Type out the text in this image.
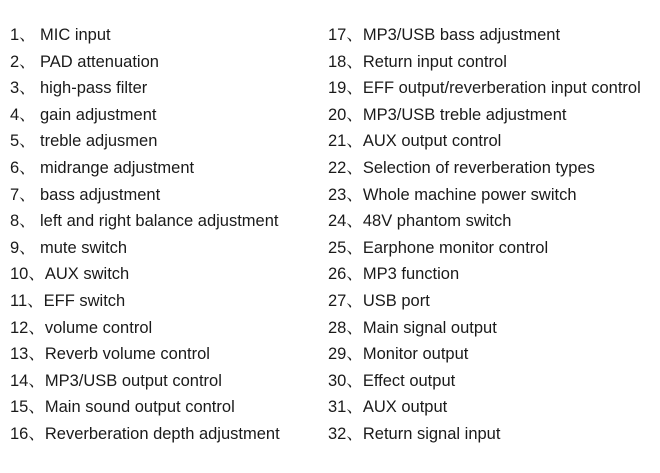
1、 MIC input
2、 PAD attenuation
3、 high-pass filter
4、 gain adjustment
5、 treble adjusmen
6、 midrange adjustment
7、 bass adjustment
8、 left and right balance adjustment
9、 mute switch
10、 AUX switch
11、 EFF switch
12、 volume control
13、 Reverb volume control
14、 MP3/USB output control
15、 Main sound output control
16、 Reverberation depth adjustment
17、 MP3/USB bass adjustment
18、 Return input control
19、 EFF output/reverberation input control
20、 MP3/USB treble adjustment
21、 AUX output control
22、 Selection of reverberation types
23、 Whole machine power switch
24、 48V phantom switch
25、 Earphone monitor control
26、 MP3 function
27、 USB port
28、 Main signal output
29、 Monitor output
30、 Effect output
31、 AUX output
32、 Return signal input
